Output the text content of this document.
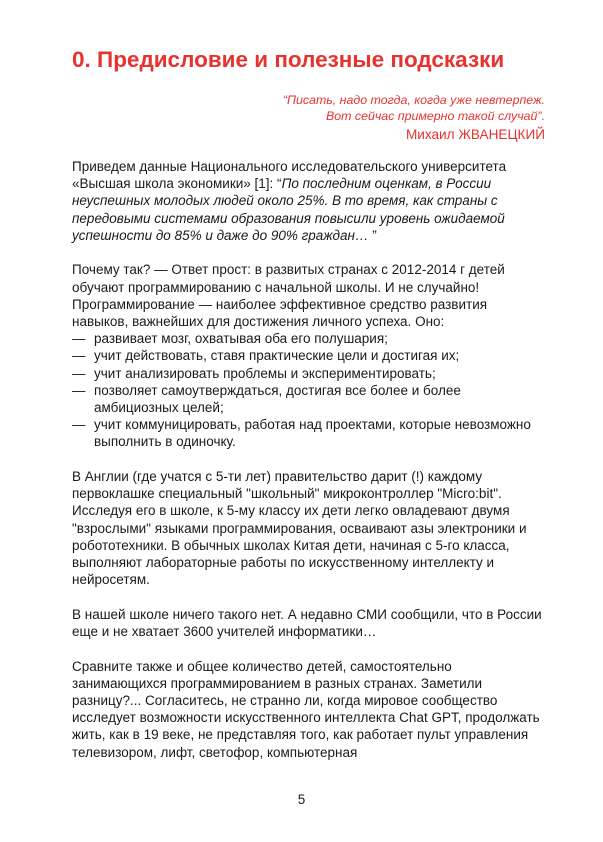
0. Предисловие и полезные подсказки
“Писать, надо тогда, когда уже невтерпеж.
Вот сейчас примерно такой случай”.
Михаил ЖВАНЕЦКИЙ

Приведем данные Национального исследовательского университета «Высшая школа экономики» [1]: “По последним оценкам, в России неуспешных молодых людей около 25%. В то время, как страны с передовыми системами образования повысили уровень ожидаемой успешности до 85% и даже до 90% граждан… ”

Почему так? — Ответ прост: в развитых странах с 2012-2014 г детей обучают программированию с начальной школы. И не случайно! Программирование — наиболее эффективное средство развития навыков, важнейших для достижения личного успеха. Оно:

— развивает мозг, охватывая оба его полушария;
— учит действовать, ставя практические цели и достигая их;
— учит анализировать проблемы и экспериментировать;
— позволяет самоутверждаться, достигая все более и более амбициозных целей;
— учит коммуницировать, работая над проектами, которые невозможно выполнить в одиночку.

В Англии (где учатся с 5-ти лет) правительство дарит (!) каждому первоклашке специальный "школьный" микроконтроллер "Micro:bit". Исследуя его в школе, к 5-му классу их дети легко овладевают двумя "взрослыми" языками программирования, осваивают азы электроники и робототехники. В обычных школах Китая дети, начиная с 5-го класса, выполняют лабораторные работы по искусственному интеллекту и нейросетям.

В нашей школе ничего такого нет. А недавно СМИ сообщили, что в России еще и не хватает 3600 учителей информатики…

Сравните также и общее количество детей, самостоятельно занимающихся программированием в разных странах. Заметили разницу?... Согласитесь, не странно ли, когда мировое сообщество исследует возможности искусственного интеллекта Chat GPT, продолжать жить, как в 19 веке, не представляя того, как работает пульт управления телевизором, лифт, светофор, компьютерная

5
